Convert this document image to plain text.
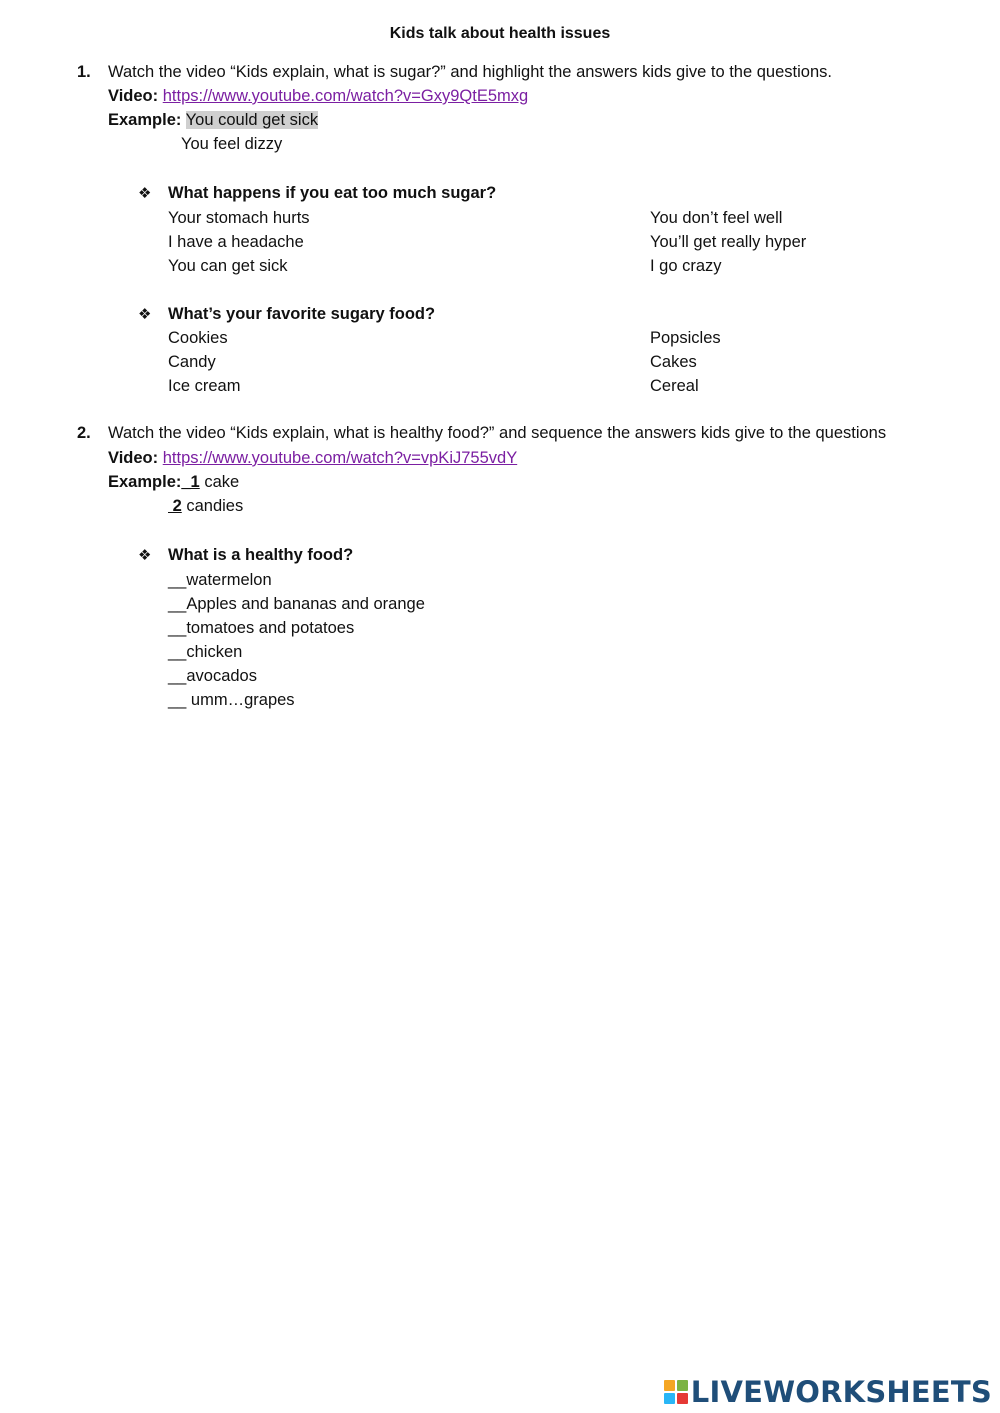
Kids talk about health issues
1. Watch the video “Kids explain, what is sugar?” and highlight the answers kids give to the questions.
Video: https://www.youtube.com/watch?v=Gxy9QtE5mxg
Example: You could get sick
You feel dizzy
❖ What happens if you eat too much sugar?
Your stomach hurts
I have a headache
You can get sick
You don’t feel well
You’ll get really hyper
I go crazy
❖ What’s your favorite sugary food?
Cookies
Candy
Ice cream
Popsicles
Cakes
Cereal
2. Watch the video “Kids explain, what is healthy food?” and sequence the answers kids give to the questions
Video: https://www.youtube.com/watch?v=vpKiJ755vdY
Example:_1 cake
2 candies
❖ What is a healthy food?
__watermelon
__Apples and bananas and orange
__tomatoes and potatoes
__chicken
__avocados
__ umm…grapes
LIVEWORKSHEETS
